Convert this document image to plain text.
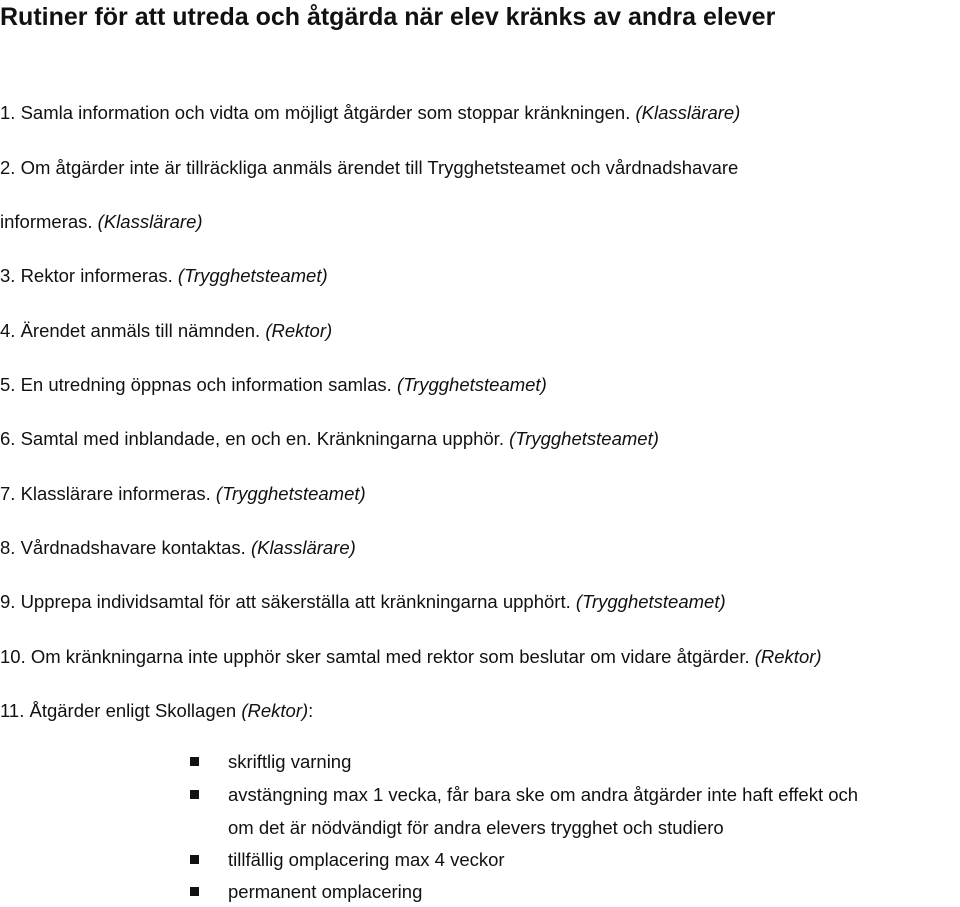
Rutiner för att utreda och åtgärda när elev kränks av andra elever
1. Samla information och vidta om möjligt åtgärder som stoppar kränkningen. (Klasslärare)
2. Om åtgärder inte är tillräckliga anmäls ärendet till Trygghetsteamet och vårdnadshavare
informeras. (Klasslärare)
3. Rektor informeras. (Trygghetsteamet)
4. Ärendet anmäls till nämnden. (Rektor)
5. En utredning öppnas och information samlas. (Trygghetsteamet)
6. Samtal med inblandade, en och en. Kränkningarna upphör. (Trygghetsteamet)
7. Klasslärare informeras. (Trygghetsteamet)
8. Vårdnadshavare kontaktas. (Klasslärare)
9. Upprepa individsamtal för att säkerställa att kränkningarna upphört. (Trygghetsteamet)
10. Om kränkningarna inte upphör sker samtal med rektor som beslutar om vidare åtgärder. (Rektor)
11. Åtgärder enligt Skollagen (Rektor):
skriftlig varning
avstängning max 1 vecka, får bara ske om andra åtgärder inte haft effekt och
om det är nödvändigt för andra elevers trygghet och studiero
tillfällig omplacering max 4 veckor
permanent omplacering
